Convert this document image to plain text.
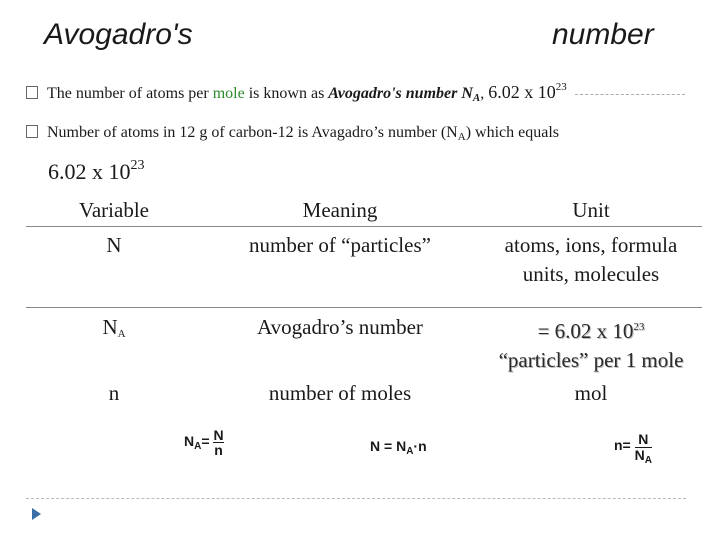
Avogadro's	number
The number of atoms per mole is known as Avogadro's number $N_A$, 6.02 x $10^{23}$
Number of atoms in 12 g of carbon-12 is Avagadro’s number $(N_A)$ which equals
6.02 x $10^{23}$
Variable	Meaning	Unit
N	number of “particles”	atoms, ions, formula
units, molecules
$N_A$	Avogadro’s number	= 6.02 x $10^{23}$
“particles” per 1 mole
n	number of moles	mol
$N_A= \frac{N}{n}$	$N = N_A\cdot n$	$n= \frac{N}{N_A}$
